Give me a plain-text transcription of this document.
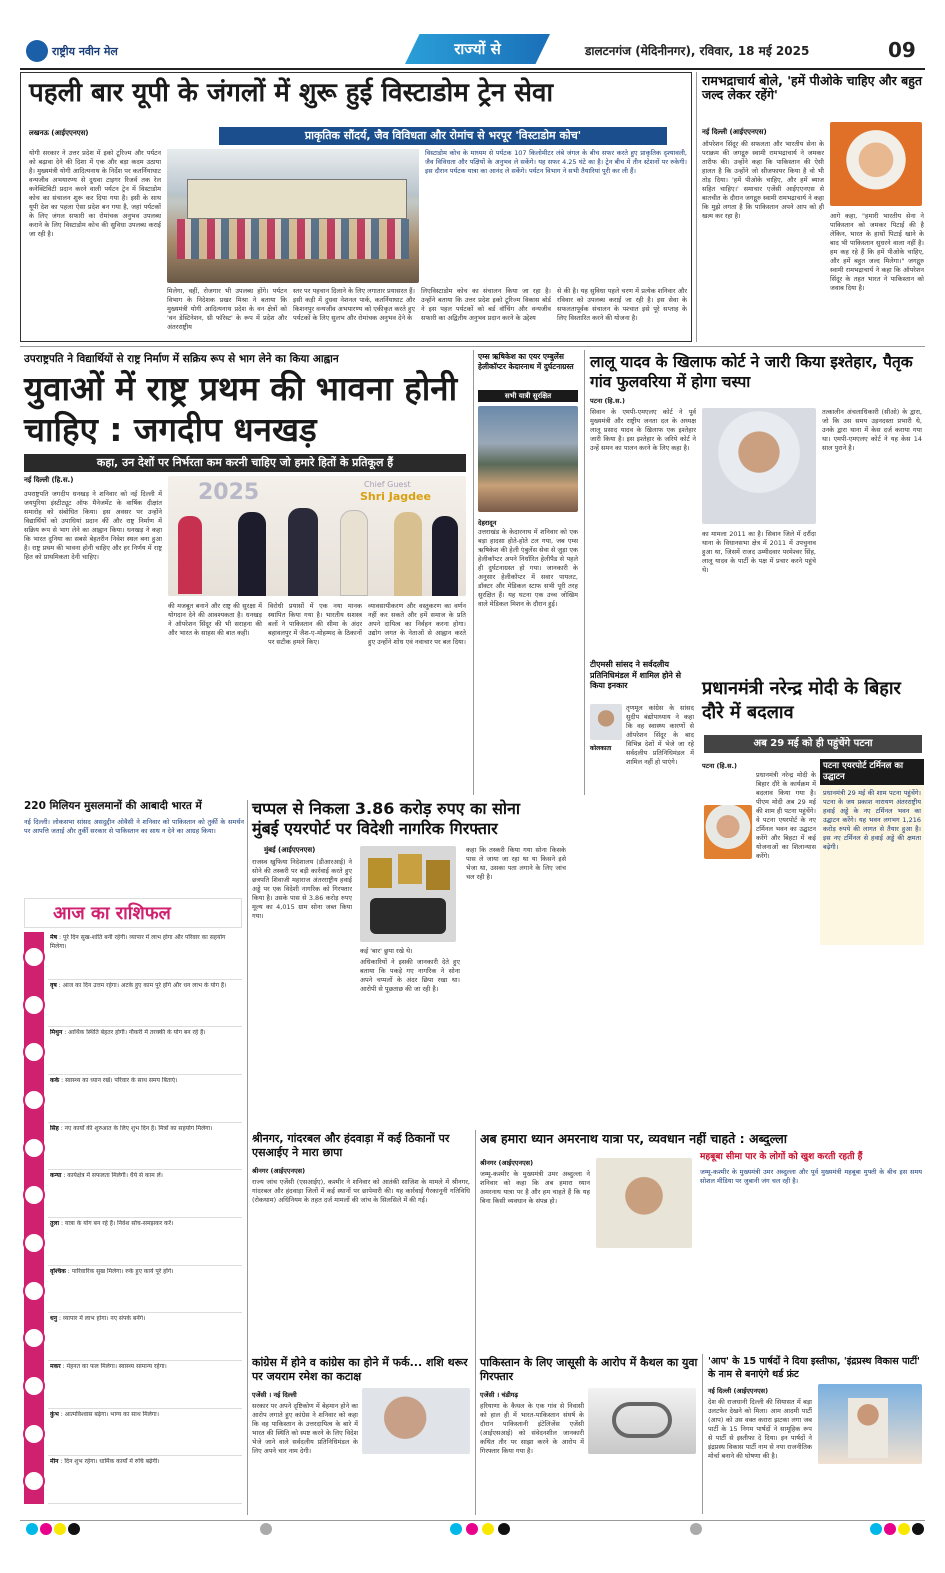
राष्ट्रीय नवीन मेल	राज्यों से	डालटनगंज (मेदिनीनगर), रविवार, 18 मई 2025	09
पहली बार यूपी के जंगलों में शुरू हुई विस्टाडोम ट्रेन सेवा
लखनऊ (आईएएनएस)	प्राकृतिक सौंदर्य, जैव विविधता और रोमांच से भरपूर 'विस्टाडोम कोच'
योगी सरकार ने उत्तर प्रदेश में इको टूरिज्म और पर्यटन को बढ़ावा देने की दिशा में एक और बड़ा कदम उठाया है। मुख्यमंत्री योगी आदित्यनाथ के निर्देश पर कतर्नियाघाट वन्यजीव अभयारण्य से दुधवा टाइगर रिजर्व तक रेल कनेक्टिविटी प्रदान करने वाली पर्यटन ट्रेन में विस्टाडोम कोच का संचालन शुरू कर दिया गया है। इसी के साथ यूपी देश का पहला ऐसा प्रदेश बन गया है, जहां पर्यटकों के लिए जंगल सफारी का रोमांचक अनुभव उपलब्ध कराने के लिए विस्टाडोम कोच की सुविधा उपलब्ध कराई जा रही है।
विस्टाडोम कोच के माध्यम से पर्यटक 107 किलोमीटर लंबे जंगल के बीच सफर करते हुए प्राकृतिक दृश्यावली, जैव विविधता और पक्षियों के अनुभव ले सकेंगे। यह सफर 4.25 घंटे का है। ट्रेन बीच में तीन स्टेशनों पर रुकेगी। इस दौरान पर्यटक यात्रा का आनंद ले सकेंगे। पर्यटन विभाग ने सभी तैयारियां पूरी कर ली हैं।
मिलेगा, वहीं, रोजगार भी उपलब्ध होंगे। पर्यटन विभाग के निदेशक प्रखर मिश्रा ने बताया कि मुख्यमंत्री योगी आदित्यनाथ प्रदेश के वन क्षेत्रों को 'वन डेस्टिनेशन, थ्री फॉरेस्ट' के रूप में प्रदेश और अंतरराष्ट्रीय
स्तर पर पहचान दिलाने के लिए लगातार प्रयासरत हैं। इसी कड़ी में दुधवा नेशनल पार्क, कतर्नियाघाट और किशनपुर वन्यजीव अभयारण्य को एकीकृत करते हुए पर्यटकों के लिए सुलभ और रोमांचक अनुभव देने के
लिएविस्टाडोम कोच का संचालन किया जा रहा है। उन्होंने बताया कि उत्तर प्रदेश इको टूरिज्म विकास बोर्ड ने इस पहल पर्यटकों को बर्ड वॉचिंग और वन्यजीव सफारी का अद्वितीय अनुभव प्रदान करने के उद्देश्य
से की है। यह सुविधा पहले चरण में प्रत्येक शनिवार और रविवार को उपलब्ध कराई जा रही है। इस सेवा के सफलतापूर्वक संचालन के पश्चात इसे पूरे सप्ताह के लिए विस्तारित करने की योजना है।
रामभद्राचार्य बोले, 'हमें पीओके चाहिए और बहुत जल्द लेकर रहेंगे'
नई दिल्ली (आईएएनएस)
ऑपरेशन सिंदूर की सफलता और भारतीय सेना के पराक्रम की जगद्गुरु स्वामी रामभद्राचार्य ने जमकर तारीफ की। उन्होंने कहा कि पाकिस्तान की ऐसी हालत है कि उन्होंने जो सीजफायर किया है वो भी तोड़ दिया। 'हमें पीओके चाहिए, और हमें ब्याज सहित चाहिए।' समाचार एजेंसी आईएएनएस से बातचीत के दौरान जगद्गुरु स्वामी रामभद्राचार्य ने कहा कि मुझे लगता है कि पाकिस्तान अपने आप को ही खत्म कर रहा है।	आगे कहा, "हमारी भारतीय सेना ने पाकिस्तान को जमकर पिटाई की है लेकिन, भारत के हाथों पिटाई खाने के बाद भी पाकिस्तान सुधरने वाला नहीं है। हम कह रहे हैं कि हमें पीओके चाहिए, और हमें बहुत जल्द मिलेगा।" जगद्गुरु स्वामी रामभद्राचार्य ने कहा कि ऑपरेशन सिंदूर के तहत भारत ने पाकिस्तान को जवाब दिया है।
उपराष्ट्रपति ने विद्यार्थियों से राष्ट्र निर्माण में सक्रिय रूप से भाग लेने का किया आह्वान
युवाओं में राष्ट्र प्रथम की भावना होनी चाहिए : जगदीप धनखड़
कहा, उन देशों पर निर्भरता कम करनी चाहिए जो हमारे हितों के प्रतिकूल हैं
नई दिल्ली (हि.स.)	2025	Chief Guest
Shri Jagdee
उपराष्ट्रपति जगदीप धनखड़ ने शनिवार को नई दिल्ली में जयपुरिया इंस्टीट्यूट ऑफ मैनेजमेंट के वार्षिक दीक्षांत समारोह को संबोधित किया। इस अवसर पर उन्होंने विद्यार्थियों को उपाधियां प्रदान कीं और राष्ट्र निर्माण में सक्रिय रूप से भाग लेने का आह्वान किया। धनखड़ ने कहा कि भारत दुनिया का सबसे बेहतरीन निवेश स्थल बना हुआ है। राष्ट्र प्रथम की भावना होनी चाहिए और हर निर्णय में राष्ट्र हित को प्राथमिकता देनी चाहिए।
की मजबूत बनाने और राष्ट्र की सुरक्षा में योगदान देने की आवश्यकता है। धनखड़ ने ऑपरेशन सिंदूर की भी सराहना की और भारत के साहस की बात कही।
विरोधी प्रयासों में एक नया मानक स्थापित किया गया है। भारतीय सशस्त्र बलों ने पाकिस्तान की सीमा के अंदर बहावलपुर में जैश-ए-मोहम्मद के ठिकानों पर सटीक हमले किए।
व्यावसायीकरण और वस्तुकरण का वर्णन नहीं कर सकते और हमें समाज के प्रति अपने दायित्व का निर्वहन करना होगा। उद्योग जगत के नेताओं से आह्वान करते हुए उन्होंने शोध एवं नवाचार पर बल दिया।
एम्स ऋषिकेश का एयर एम्बुलेंस हेलीकॉप्टर केदारनाथ में दुर्घटनाग्रस्त
सभी यात्री सुरक्षित
देहरादून
उत्तराखंड के केदारनाथ में शनिवार को एक बड़ा हादसा होते-होते टल गया, जब एम्स ऋषिकेश की हेली एंबुलेंस सेवा से जुड़ा एक हेलीकॉप्टर अपने निर्धारित हेलीपैड से पहले ही दुर्घटनाग्रस्त हो गया। जानकारी के अनुसार हेलीकॉप्टर में सवार पायलट, डॉक्टर और मेडिकल स्टाफ सभी पूरी तरह सुरक्षित हैं। यह घटना एक उच्च जोखिम वाले मेडिकल मिशन के दौरान हुई।
लालू यादव के खिलाफ कोर्ट ने जारी किया इश्तेहार, पैतृक गांव फुलवरिया में होगा चस्पा
पटना (हि.स.)
सिवान के एमपी-एमएलए कोर्ट ने पूर्व मुख्यमंत्री और राष्ट्रीय जनता दल के अध्यक्ष लालू प्रसाद यादव के खिलाफ एक इश्तेहार जारी किया है। इस इश्तेहार के जरिये कोर्ट ने उन्हें समन का पालन करने के लिए कहा है।
का मामला 2011 का है। सिवान जिले में दरौंदा थाना के विधानसभा क्षेत्र में 2011 में उपचुनाव हुआ था, जिसमें राजद उम्मीदवार परमेश्वर सिंह, लालू यादव के पार्टी के पक्ष में प्रचार करने पहुंचे थे।
तत्कालीन अंचलाधिकारी (सीओ) के द्वारा, जो कि उस समय उड़नदस्ता प्रभारी थे, उनके द्वारा थाना में केस दर्ज कराया गया था। एमपी-एमएलए कोर्ट ने यह केस 14 साल पुराने है।
टीएमसी सांसद ने सर्वदलीय प्रतिनिधिमंडल में शामिल होने से किया इनकार
कोलकाता
तृणमूल कांग्रेस के सांसद सुदीप बंद्योपाध्याय ने कहा कि वह स्वास्थ्य कारणों से ऑपरेशन सिंदूर के बाद विभिन्न देशों में भेजे जा रहे सर्वदलीय प्रतिनिधिमंडल में शामिल नहीं हो पाएंगे।
प्रधानमंत्री नरेन्द्र मोदी के बिहार दौरे में बदलाव
अब 29 मई को ही पहुंचेंगे पटना
पटना (हि.स.)
प्रधानमंत्री नरेन्द्र मोदी के बिहार दौरे के कार्यक्रम में बदलाव किया गया है। पीएम मोदी अब 29 मई की शाम ही पटना पहुंचेंगे। वे पटना एयरपोर्ट के नए टर्मिनल भवन का उद्घाटन करेंगे और बिहटा में कई योजनाओं का शिलान्यास करेंगे।
पटना एयरपोर्ट टर्मिनल का उद्घाटन
प्रधानमंत्री 29 मई की शाम पटना पहुंचेंगे। पटना के जय प्रकाश नारायण अंतरराष्ट्रीय हवाई अड्डे के नए टर्मिनल भवन का उद्घाटन करेंगे। यह भवन लगभग 1,216 करोड़ रुपये की लागत से तैयार हुआ है। इस नए टर्मिनल से हवाई अड्डे की क्षमता बढ़ेगी।
220 मिलियन मुसलमानों की आबादी भारत में
नई दिल्ली। लोकसभा सांसद असदुद्दीन ओवैसी ने शनिवार को पाकिस्तान को तुर्की के समर्थन पर आपत्ति जताई और तुर्की सरकार से पाकिस्तान का साथ न देने का आग्रह किया।
चप्पल से निकला 3.86 करोड़ रुपए का सोना
मुंबई एयरपोर्ट पर विदेशी नागरिक गिरफ्तार
मुंबई (आईएएनएस)
राजस्व खुफिया निदेशालय (डीआरआई) ने सोने की तस्करी पर बड़ी कार्रवाई करते हुए छत्रपति शिवाजी महाराज अंतरराष्ट्रीय हवाई अड्डे पर एक विदेशी नागरिक को गिरफ्तार किया है। उसके पास से 3.86 करोड़ रुपए मूल्य का 4,015 ग्राम सोना जब्त किया गया।
कई 'बार' छुपा रखे थे।
अधिकारियों ने इसकी जानकारी देते हुए बताया कि पकड़े गए नागरिक ने सोना अपने चप्पलों के अंदर छिपा रखा था। आरोपी से पूछताछ की जा रही है।
कहा कि तस्करी किया गया सोना किसके पास ले जाया जा रहा था या किसने इसे भेजा था, उसका पता लगाने के लिए जांच चल रही है।
आज का राशिफल
मेष : पूरे दिन सुख-शांति बनी रहेगी। व्यापार में लाभ होगा और परिवार का सहयोग मिलेगा।
वृष : आज का दिन उत्तम रहेगा। अटके हुए काम पूरे होंगे और धन लाभ के योग हैं।
मिथुन : आर्थिक स्थिति बेहतर होगी। नौकरी में तरक्की के योग बन रहे हैं।
कर्क : स्वास्थ्य का ध्यान रखें। परिवार के साथ समय बिताएं।
सिंह : नए कार्यों की शुरुआत के लिए शुभ दिन है। मित्रों का सहयोग मिलेगा।
कन्या : कार्यक्षेत्र में सफलता मिलेगी। धैर्य से काम लें।
तुला : यात्रा के योग बन रहे हैं। निवेश सोच-समझकर करें।
वृश्चिक : पारिवारिक सुख मिलेगा। रुके हुए कार्य पूरे होंगे।
धनु : व्यापार में लाभ होगा। नए संपर्क बनेंगे।
मकर : मेहनत का फल मिलेगा। स्वास्थ्य सामान्य रहेगा।
कुंभ : आत्मविश्वास बढ़ेगा। भाग्य का साथ मिलेगा।
मीन : दिन शुभ रहेगा। धार्मिक कार्यों में रुचि बढ़ेगी।
श्रीनगर, गांदरबल और हंदवाड़ा में कई ठिकानों पर एसआईए ने मारा छापा
श्रीनगर (आईएएनएस)
राज्य जांच एजेंसी (एसआईए), कश्मीर ने शनिवार को आतंकी साजिश के मामले में श्रीनगर, गांदरबल और हंदवाड़ा जिलों में कई स्थानों पर छापेमारी की। यह कार्रवाई गैरकानूनी गतिविधि (रोकथाम) अधिनियम के तहत दर्ज मामलों की जांच के सिलसिले में की गई।
अब हमारा ध्यान अमरनाथ यात्रा पर, व्यवधान नहीं चाहते : अब्दुल्ला
श्रीनगर (आईएएनएस)
जम्मू-कश्मीर के मुख्यमंत्री उमर अब्दुल्ला ने शनिवार को कहा कि अब हमारा ध्यान अमरनाथ यात्रा पर है और हम चाहते हैं कि यह बिना किसी व्यवधान के संपन्न हो।
महबूबा सीमा पार के लोगों को खुश करती रहती हैं
जम्मू-कश्मीर के मुख्यमंत्री उमर अब्दुल्ला और पूर्व मुख्यमंत्री महबूबा मुफ्ती के बीच इस समय सोशल मीडिया पर जुबानी जंग चल रही है।
कांग्रेस में होने व कांग्रेस का होने में फर्क... शशि थरूर पर जयराम रमेश का कटाक्ष
एजेंसी । नई दिल्ली
सरकार पर अपने दृष्टिकोण में बेहमान होने का आरोप लगाते हुए कांग्रेस ने शनिवार को कहा कि वह पाकिस्तान के उत्तरदायित्व के बारे में भारत की स्थिति को स्पष्ट करने के लिए विदेश भेजे जाने वाले सर्वदलीय प्रतिनिधिमंडल के लिए अपने चार नाम देगी।
पाकिस्तान के लिए जासूसी के आरोप में कैथल का युवा गिरफ्तार
एजेंसी । चंडीगढ़
हरियाणा के कैथल के एक गांव से निवासी को हाल ही में भारत-पाकिस्तान संघर्ष के दौरान पाकिस्तानी इंटेलिजेंस एजेंसी (आईएसआई) को संवेदनशील जानकारी कथित तौर पर साझा करने के आरोप में गिरफ्तार किया गया है।
'आप' के 15 पार्षदों ने दिया इस्तीफा, 'इंद्रप्रस्थ विकास पार्टी' के नाम से बनाएंगे थर्ड फ्रंट
नई दिल्ली (आईएएनएस)
देश की राजधानी दिल्ली की सियासत में बड़ा उलटफेर देखने को मिला। आम आदमी पार्टी (आप) को उस वक्त करारा झटका लगा जब पार्टी के 15 निगम पार्षदों ने सामूहिक रूप से पार्टी से इस्तीफा दे दिया। इन पार्षदों ने इंद्रप्रस्थ विकास पार्टी नाम से नया राजनीतिक मोर्चा बनाने की घोषणा की है।
